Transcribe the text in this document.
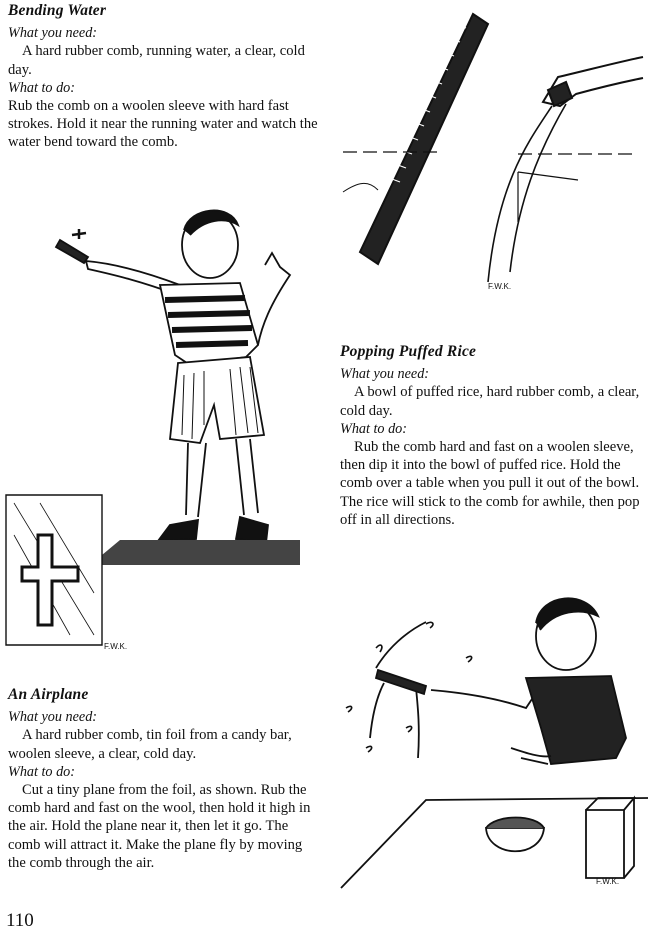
Bending Water
What you need:

A hard rubber comb, running water, a clear, cold day.

What to do:

Rub the comb on a woolen sleeve with hard fast strokes. Hold it near the running water and watch the water bend toward the comb.

Popping Puffed Rice
What you need:

A bowl of puffed rice, hard rubber comb, a clear, cold day.

What to do:

Rub the comb hard and fast on a woolen sleeve, then dip it into the bowl of puffed rice. Hold the comb over a table when you pull it out of the bowl. The rice will stick to the comb for awhile, then pop off in all directions.

An Airplane
What you need:

A hard rubber comb, tin foil from a candy bar, woolen sleeve, a clear, cold day.

What to do:

Cut a tiny plane from the foil, as shown. Rub the comb hard and fast on the wool, then hold it high in the air. Hold the plane near it, then let it go. The comb will attract it. Make the plane fly by moving the comb through the air.

110
F.W.K.
F.W.K.
F.W.K.
